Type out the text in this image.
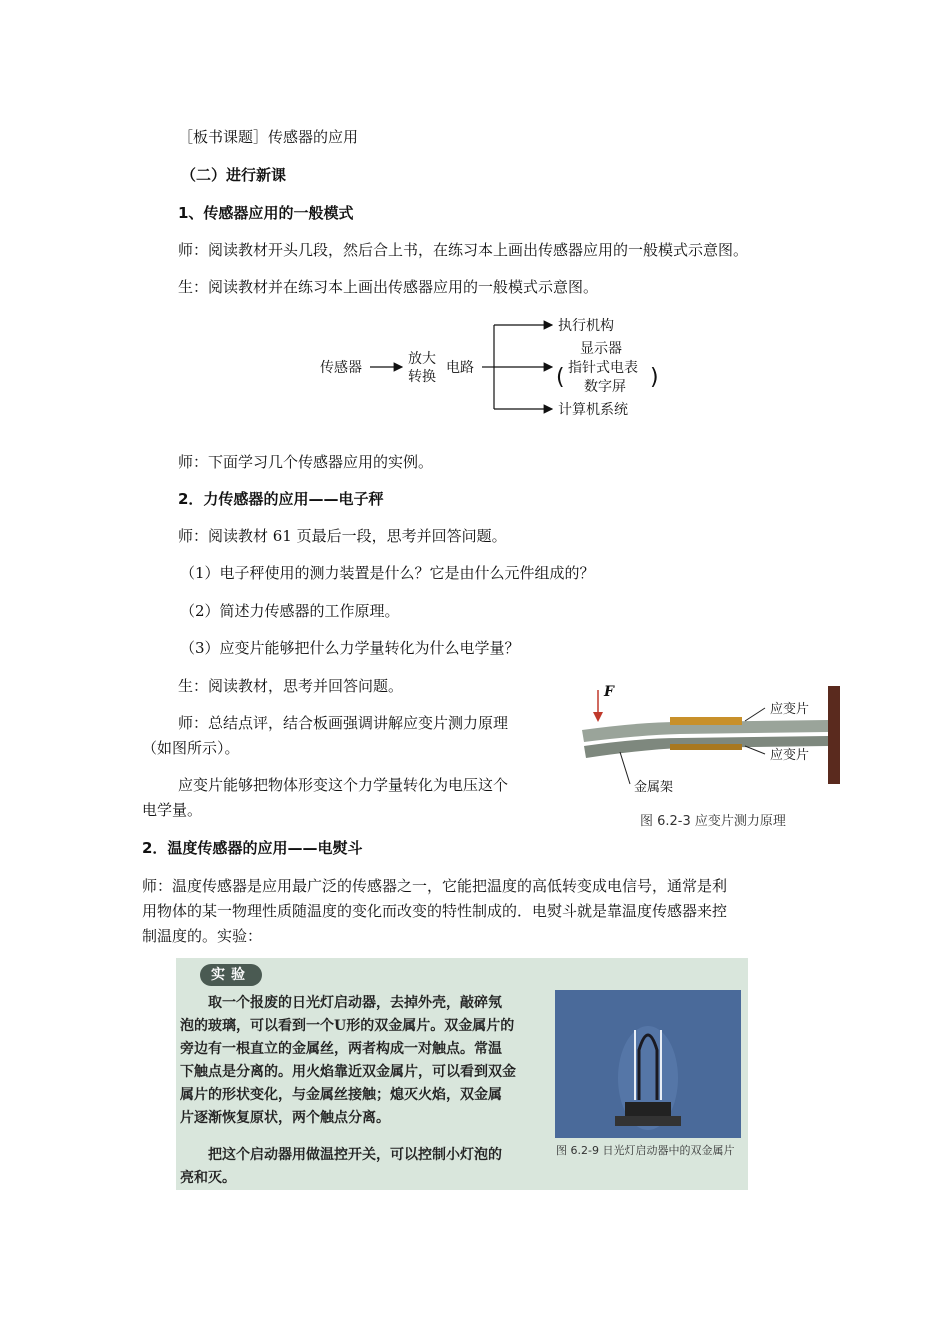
［板书课题］传感器的应用
（二）进行新课
1、传感器应用的一般模式
师：阅读教材开头几段，然后合上书，在练习本上画出传感器应用的一般模式示意图。
生：阅读教材并在练习本上画出传感器应用的一般模式示意图。
传感器
放大
转换
电路
执行机构
显示器
指针式电表
数字屏
(	)
计算机系统
师：下面学习几个传感器应用的实例。
2．力传感器的应用——电子秤
师：阅读教材 61 页最后一段，思考并回答问题。
（1）电子秤使用的测力装置是什么？它是由什么元件组成的？
（2）简述力传感器的工作原理。
（3）应变片能够把什么力学量转化为什么电学量？
生：阅读教材，思考并回答问题。
师：总结点评，结合板画强调讲解应变片测力原理
（如图所示）。
应变片能够把物体形变这个力学量转化为电压这个
电学量。
F
应变片
应变片
金属架
图 6.2-3 应变片测力原理
2．温度传感器的应用——电熨斗
师：温度传感器是应用最广泛的传感器之一，它能把温度的高低转变成电信号，通常是利
用物体的某一物理性质随温度的变化而改变的特性制成的．电熨斗就是靠温度传感器来控
制温度的。实验：
实验
取一个报废的日光灯启动器，去掉外壳，敲碎氖
泡的玻璃，可以看到一个U形的双金属片。双金属片的
旁边有一根直立的金属丝，两者构成一对触点。常温
下触点是分离的。用火焰靠近双金属片，可以看到双金
属片的形状变化，与金属丝接触；熄灭火焰，双金属
片逐渐恢复原状，两个触点分离。
把这个启动器用做温控开关，可以控制小灯泡的
亮和灭。
图 6.2-9 日光灯启动器中的双金属片
